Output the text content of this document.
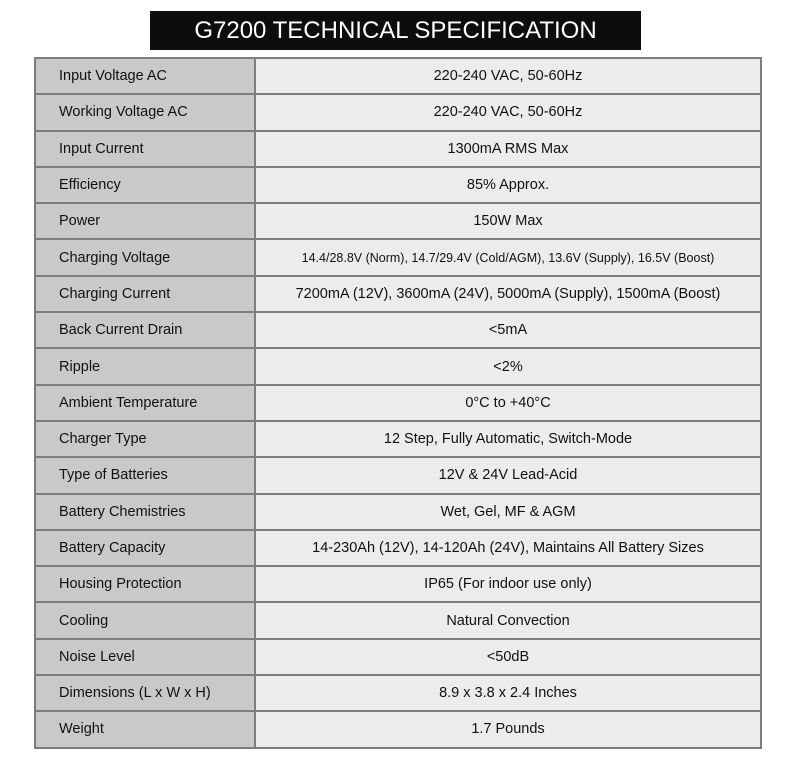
G7200 TECHNICAL SPECIFICATION
Input Voltage AC	220-240 VAC, 50-60Hz
Working Voltage AC	220-240 VAC, 50-60Hz
Input Current	1300mA RMS Max
Efficiency	85% Approx.
Power	150W Max
Charging Voltage	14.4/28.8V (Norm), 14.7/29.4V (Cold/AGM), 13.6V (Supply), 16.5V (Boost)
Charging Current	7200mA (12V), 3600mA (24V), 5000mA (Supply), 1500mA (Boost)
Back Current Drain	<5mA
Ripple	<2%
Ambient Temperature	0°C to +40°C
Charger Type	12 Step, Fully Automatic, Switch-Mode
Type of Batteries	12V & 24V Lead-Acid
Battery Chemistries	Wet, Gel, MF & AGM
Battery Capacity	14-230Ah (12V), 14-120Ah (24V), Maintains All Battery Sizes
Housing Protection	IP65 (For indoor use only)
Cooling	Natural Convection
Noise Level	<50dB
Dimensions (L x W x H)	8.9 x 3.8 x 2.4 Inches
Weight	1.7 Pounds
